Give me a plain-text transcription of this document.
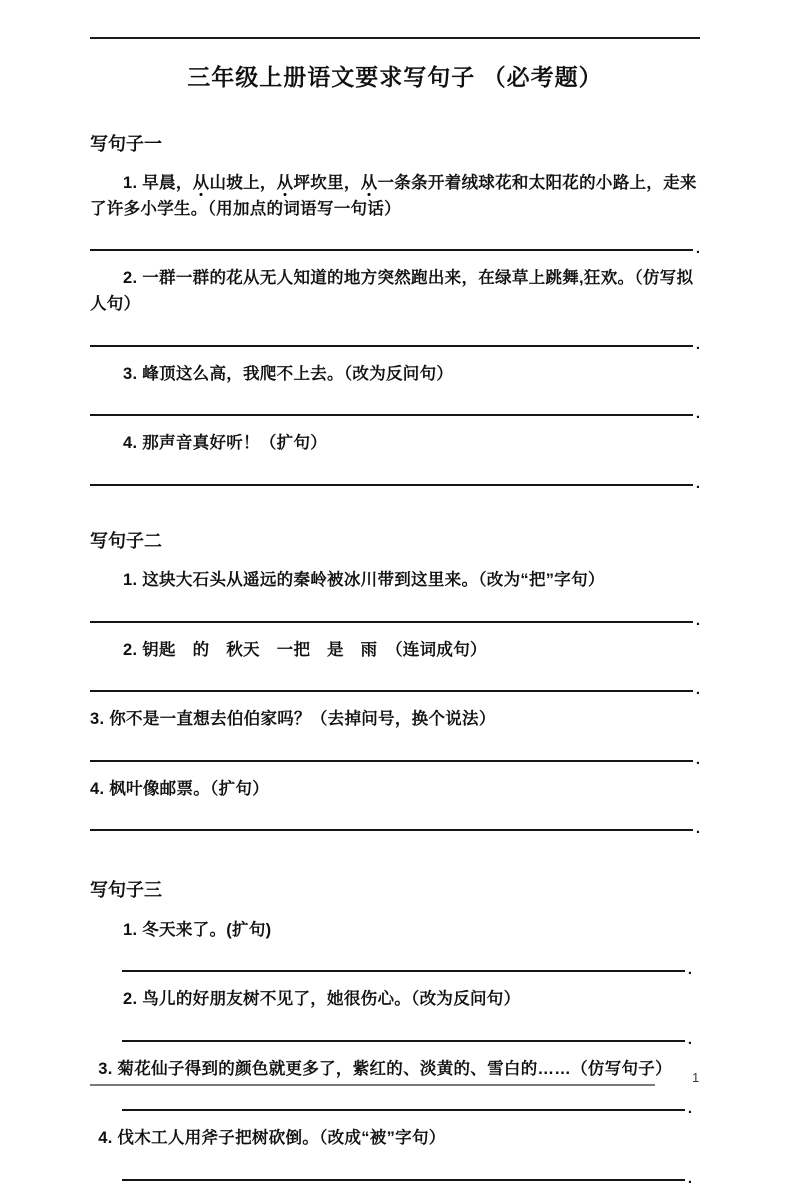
三年级上册语文要求写句子 （必考题）
写句子一

1. 早晨，从山坡上，从坪坎里，从一条条开着绒球花和太阳花的小路上，走来了许多小学生。（用加点的词语写一句话）

.

2. 一群一群的花从无人知道的地方突然跑出来，在绿草上跳舞,狂欢。（仿写拟人句）

.

3. 峰顶这么高，我爬不上去。（改为反问句）

.

4. 那声音真好听！（扩句）

.
写句子二

1. 这块大石头从遥远的秦岭被冰川带到这里来。（改为“把”字句）

.

2. 钥匙　的　秋天　一把　是　雨　（连词成句）

.

3. 你不是一直想去伯伯家吗？（去掉问号，换个说法）

.

4. 枫叶像邮票。（扩句）

.
写句子三

1. 冬天来了。(扩句)

.

2. 鸟儿的好朋友树不见了，她很伤心。（改为反问句）

.

3. 菊花仙子得到的颜色就更多了，紫红的、淡黄的、雪白的……（仿写句子）

.

4. 伐木工人用斧子把树砍倒。（改成“被”字句）

.
1
